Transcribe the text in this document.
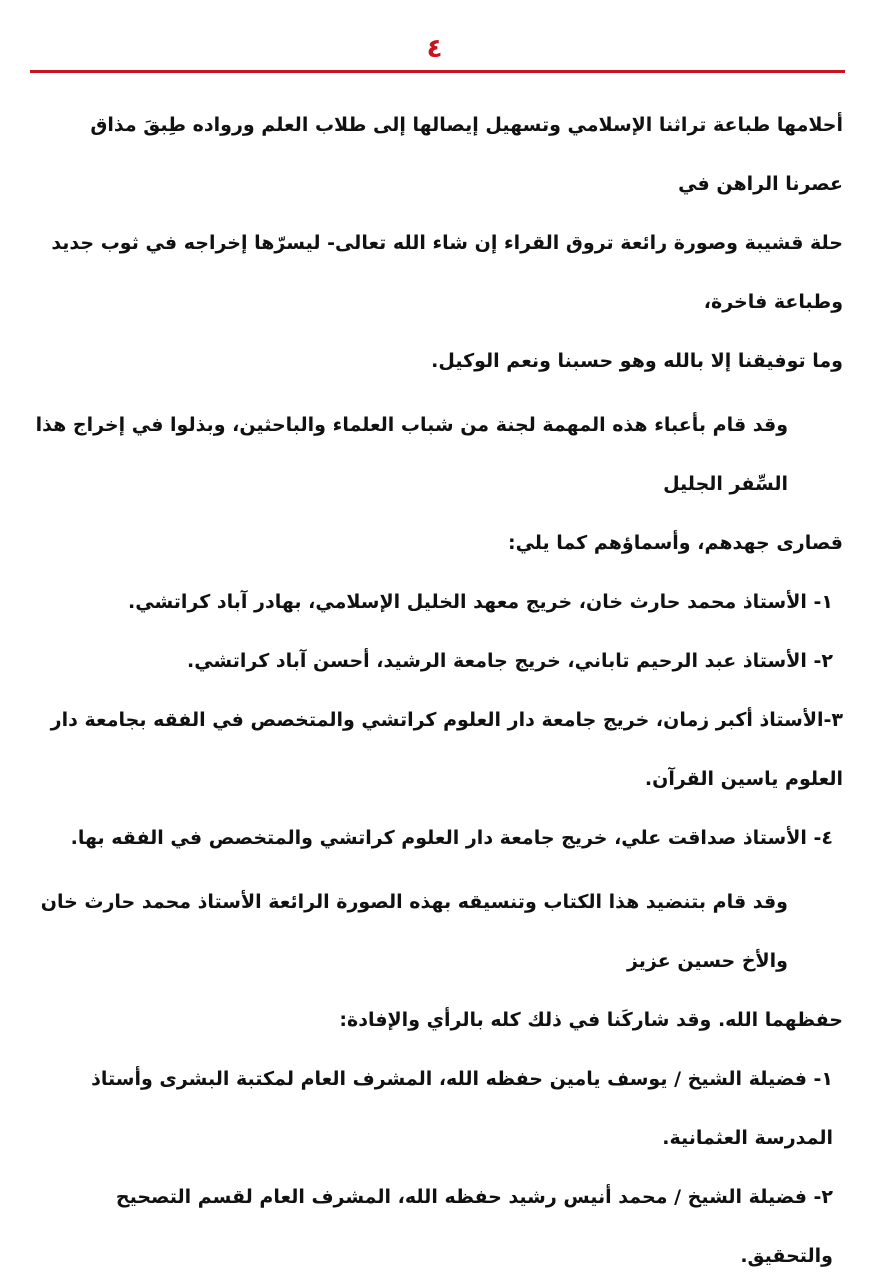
٤

أحلامها طباعة تراثنا الإسلامي وتسهيل إيصالها إلى طلاب العلم ورواده طِبقَ مذاق عصرنا الراهن في

حلة قشيبة وصورة رائعة تروق القراء إن شاء الله تعالى- ليسرّها إخراجه في ثوب جديد وطباعة فاخرة،

وما توفيقنا إلا بالله وهو حسبنا ونعم الوكيل.

وقد قام بأعباء هذه المهمة لجنة من شباب العلماء والباحثين، وبذلوا في إخراج هذا السِّفر الجليل

قصارى جهدهم، وأسماؤهم كما يلي:

١- الأستاذ محمد حارث خان، خريج معهد الخليل الإسلامي، بهادر آباد كراتشي.

٢- الأستاذ عبد الرحيم تاباني، خريج جامعة الرشيد، أحسن آباد كراتشي.

٣-الأستاذ أكبر زمان، خريج جامعة دار العلوم كراتشي والمتخصص في الفقه بجامعة دار العلوم ياسين القرآن.

٤- الأستاذ صداقت علي، خريج جامعة دار العلوم كراتشي والمتخصص في الفقه بها.

وقد قام بتنضيد هذا الكتاب وتنسيقه بهذه الصورة الرائعة الأستاذ محمد حارث خان والأخ حسين عزيز

حفظهما الله. وقد شاركَنا في ذلك كله بالرأي والإفادة:

١- فضيلة الشيخ / يوسف يامين حفظه الله، المشرف العام لمكتبة البشرى وأستاذ المدرسة العثمانية.

٢- فضيلة الشيخ / محمد أنيس رشيد حفظه الله، المشرف العام لقسم التصحيح والتحقيق.
